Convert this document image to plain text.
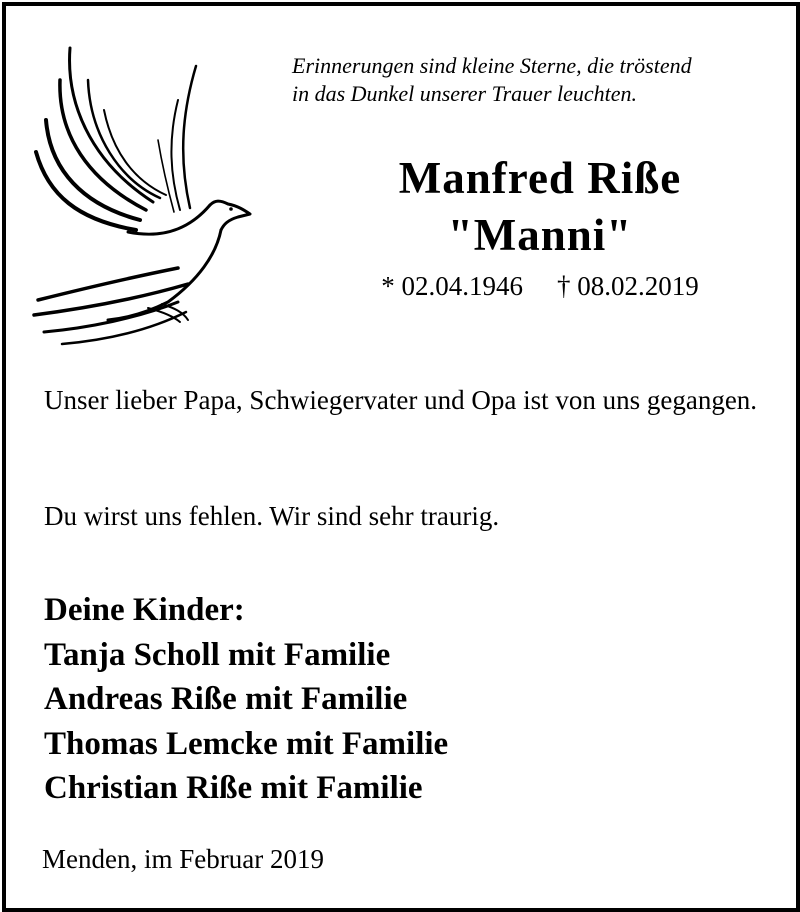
Erinnerungen sind kleine Sterne, die tröstend
in das Dunkel unserer Trauer leuchten.
Manfred Riße
"Manni"
* 02.04.1946 † 08.02.2019
Unser lieber Papa, Schwiegervater und Opa ist von uns gegangen.
Du wirst uns fehlen. Wir sind sehr traurig.
Deine Kinder:
Tanja Scholl mit Familie
Andreas Riße mit Familie
Thomas Lemcke mit Familie
Christian Riße mit Familie
Menden, im Februar 2019
